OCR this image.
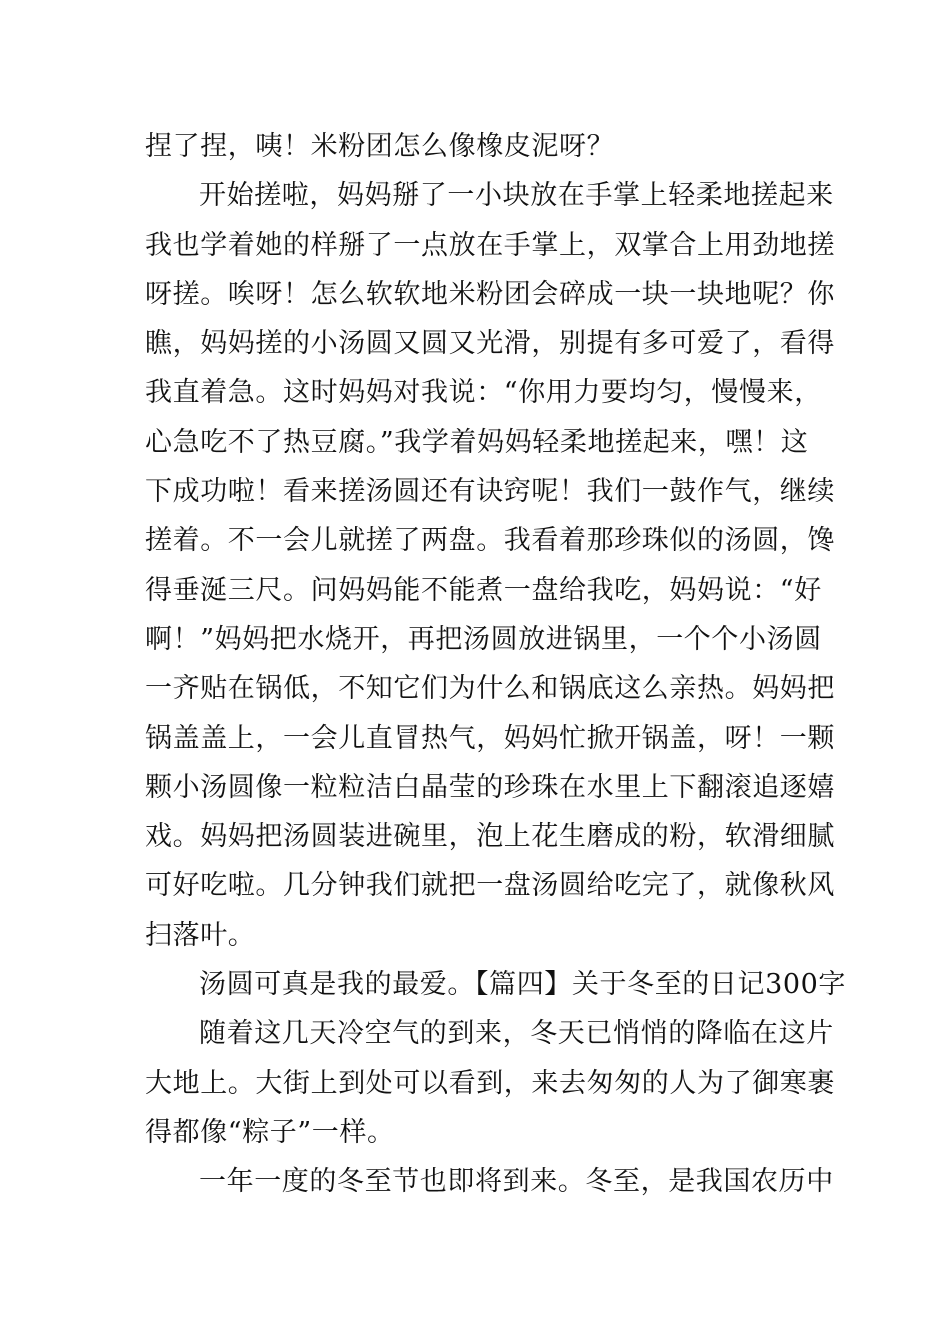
捏了捏，咦！米粉团怎么像橡皮泥呀？
开始搓啦，妈妈掰了一小块放在手掌上轻柔地搓起来
我也学着她的样掰了一点放在手掌上，双掌合上用劲地搓
呀搓。唉呀！怎么软软地米粉团会碎成一块一块地呢？你
瞧，妈妈搓的小汤圆又圆又光滑，别提有多可爱了，看得
我直着急。这时妈妈对我说：“你用力要均匀，慢慢来，
心急吃不了热豆腐。”我学着妈妈轻柔地搓起来，嘿！这
下成功啦！看来搓汤圆还有诀窍呢！我们一鼓作气，继续
搓着。不一会儿就搓了两盘。我看着那珍珠似的汤圆，馋
得垂涎三尺。问妈妈能不能煮一盘给我吃，妈妈说：“好
啊！”妈妈把水烧开，再把汤圆放进锅里，一个个小汤圆
一齐贴在锅低，不知它们为什么和锅底这么亲热。妈妈把
锅盖盖上，一会儿直冒热气，妈妈忙掀开锅盖，呀！一颗
颗小汤圆像一粒粒洁白晶莹的珍珠在水里上下翻滚追逐嬉
戏。妈妈把汤圆装进碗里，泡上花生磨成的粉，软滑细腻
可好吃啦。几分钟我们就把一盘汤圆给吃完了，就像秋风
扫落叶。
汤圆可真是我的最爱。【篇四】关于冬至的日记300字
随着这几天冷空气的到来，冬天已悄悄的降临在这片
大地上。大街上到处可以看到，来去匆匆的人为了御寒裹
得都像“粽子”一样。
一年一度的冬至节也即将到来。冬至，是我国农历中
